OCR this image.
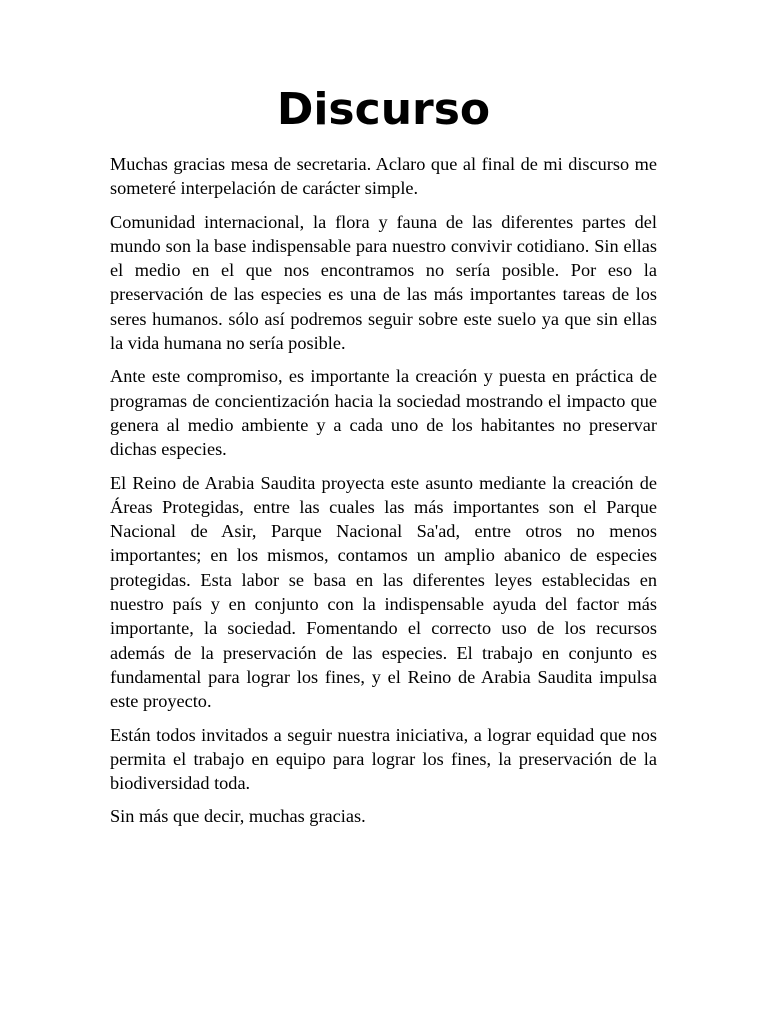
Discurso

Muchas gracias mesa de secretaria. Aclaro que al final de mi discurso me someteré interpelación de carácter simple.

Comunidad internacional, la flora y fauna de las diferentes partes del mundo son la base indispensable para nuestro convivir cotidiano. Sin ellas el medio en el que nos encontramos no sería posible. Por eso la preservación de las especies es una de las más importantes tareas de los seres humanos. sólo así podremos seguir sobre este suelo ya que sin ellas la vida humana no sería posible.

Ante este compromiso, es importante la creación y puesta en práctica de programas de concientización hacia la sociedad mostrando el impacto que genera al medio ambiente y a cada uno de los habitantes no preservar dichas especies.

El Reino de Arabia Saudita proyecta este asunto mediante la creación de Áreas Protegidas, entre las cuales las más importantes son el Parque Nacional de Asir, Parque Nacional Sa'ad, entre otros no menos importantes; en los mismos, contamos un amplio abanico de especies protegidas. Esta labor se basa en las diferentes leyes establecidas en nuestro país y en conjunto con la indispensable ayuda del factor más importante, la sociedad. Fomentando el correcto uso de los recursos además de la preservación de las especies. El trabajo en conjunto es fundamental para lograr los fines, y el Reino de Arabia Saudita impulsa este proyecto.

Están todos invitados a seguir nuestra iniciativa, a lograr equidad que nos permita el trabajo en equipo para lograr los fines, la preservación de la biodiversidad toda.

Sin más que decir, muchas gracias.
